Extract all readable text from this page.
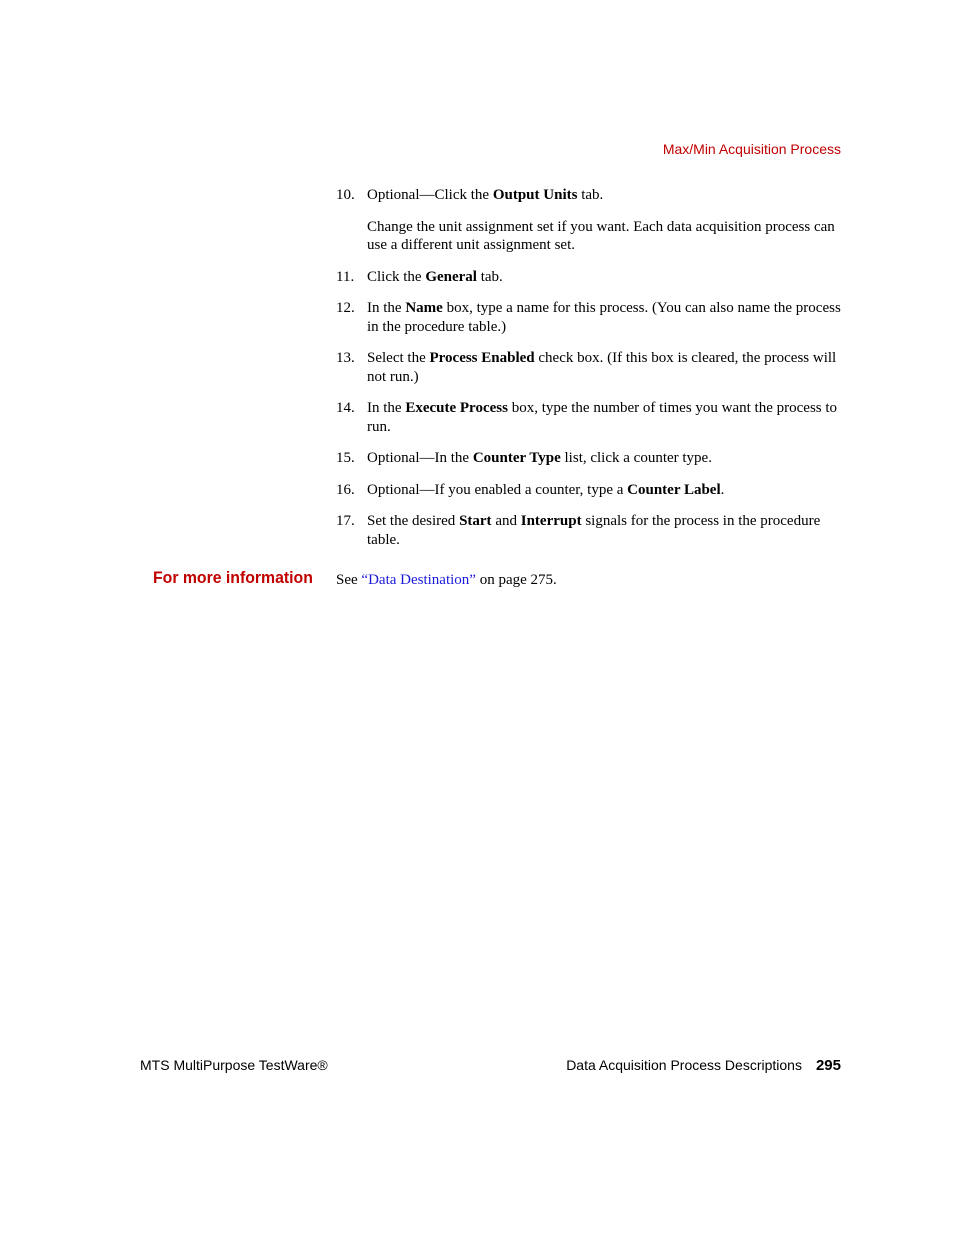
Max/Min Acquisition Process
10. Optional—Click the Output Units tab.

Change the unit assignment set if you want. Each data acquisition process can use a different unit assignment set.

11. Click the General tab.

12. In the Name box, type a name for this process. (You can also name the process in the procedure table.)

13. Select the Process Enabled check box. (If this box is cleared, the process will not run.)

14. In the Execute Process box, type the number of times you want the process to run.

15. Optional—In the Counter Type list, click a counter type.

16. Optional—If you enabled a counter, type a Counter Label.

17. Set the desired Start and Interrupt signals for the process in the procedure table.

For more information See “Data Destination” on page 275.
MTS MultiPurpose TestWare®	Data Acquisition Process Descriptions 295
